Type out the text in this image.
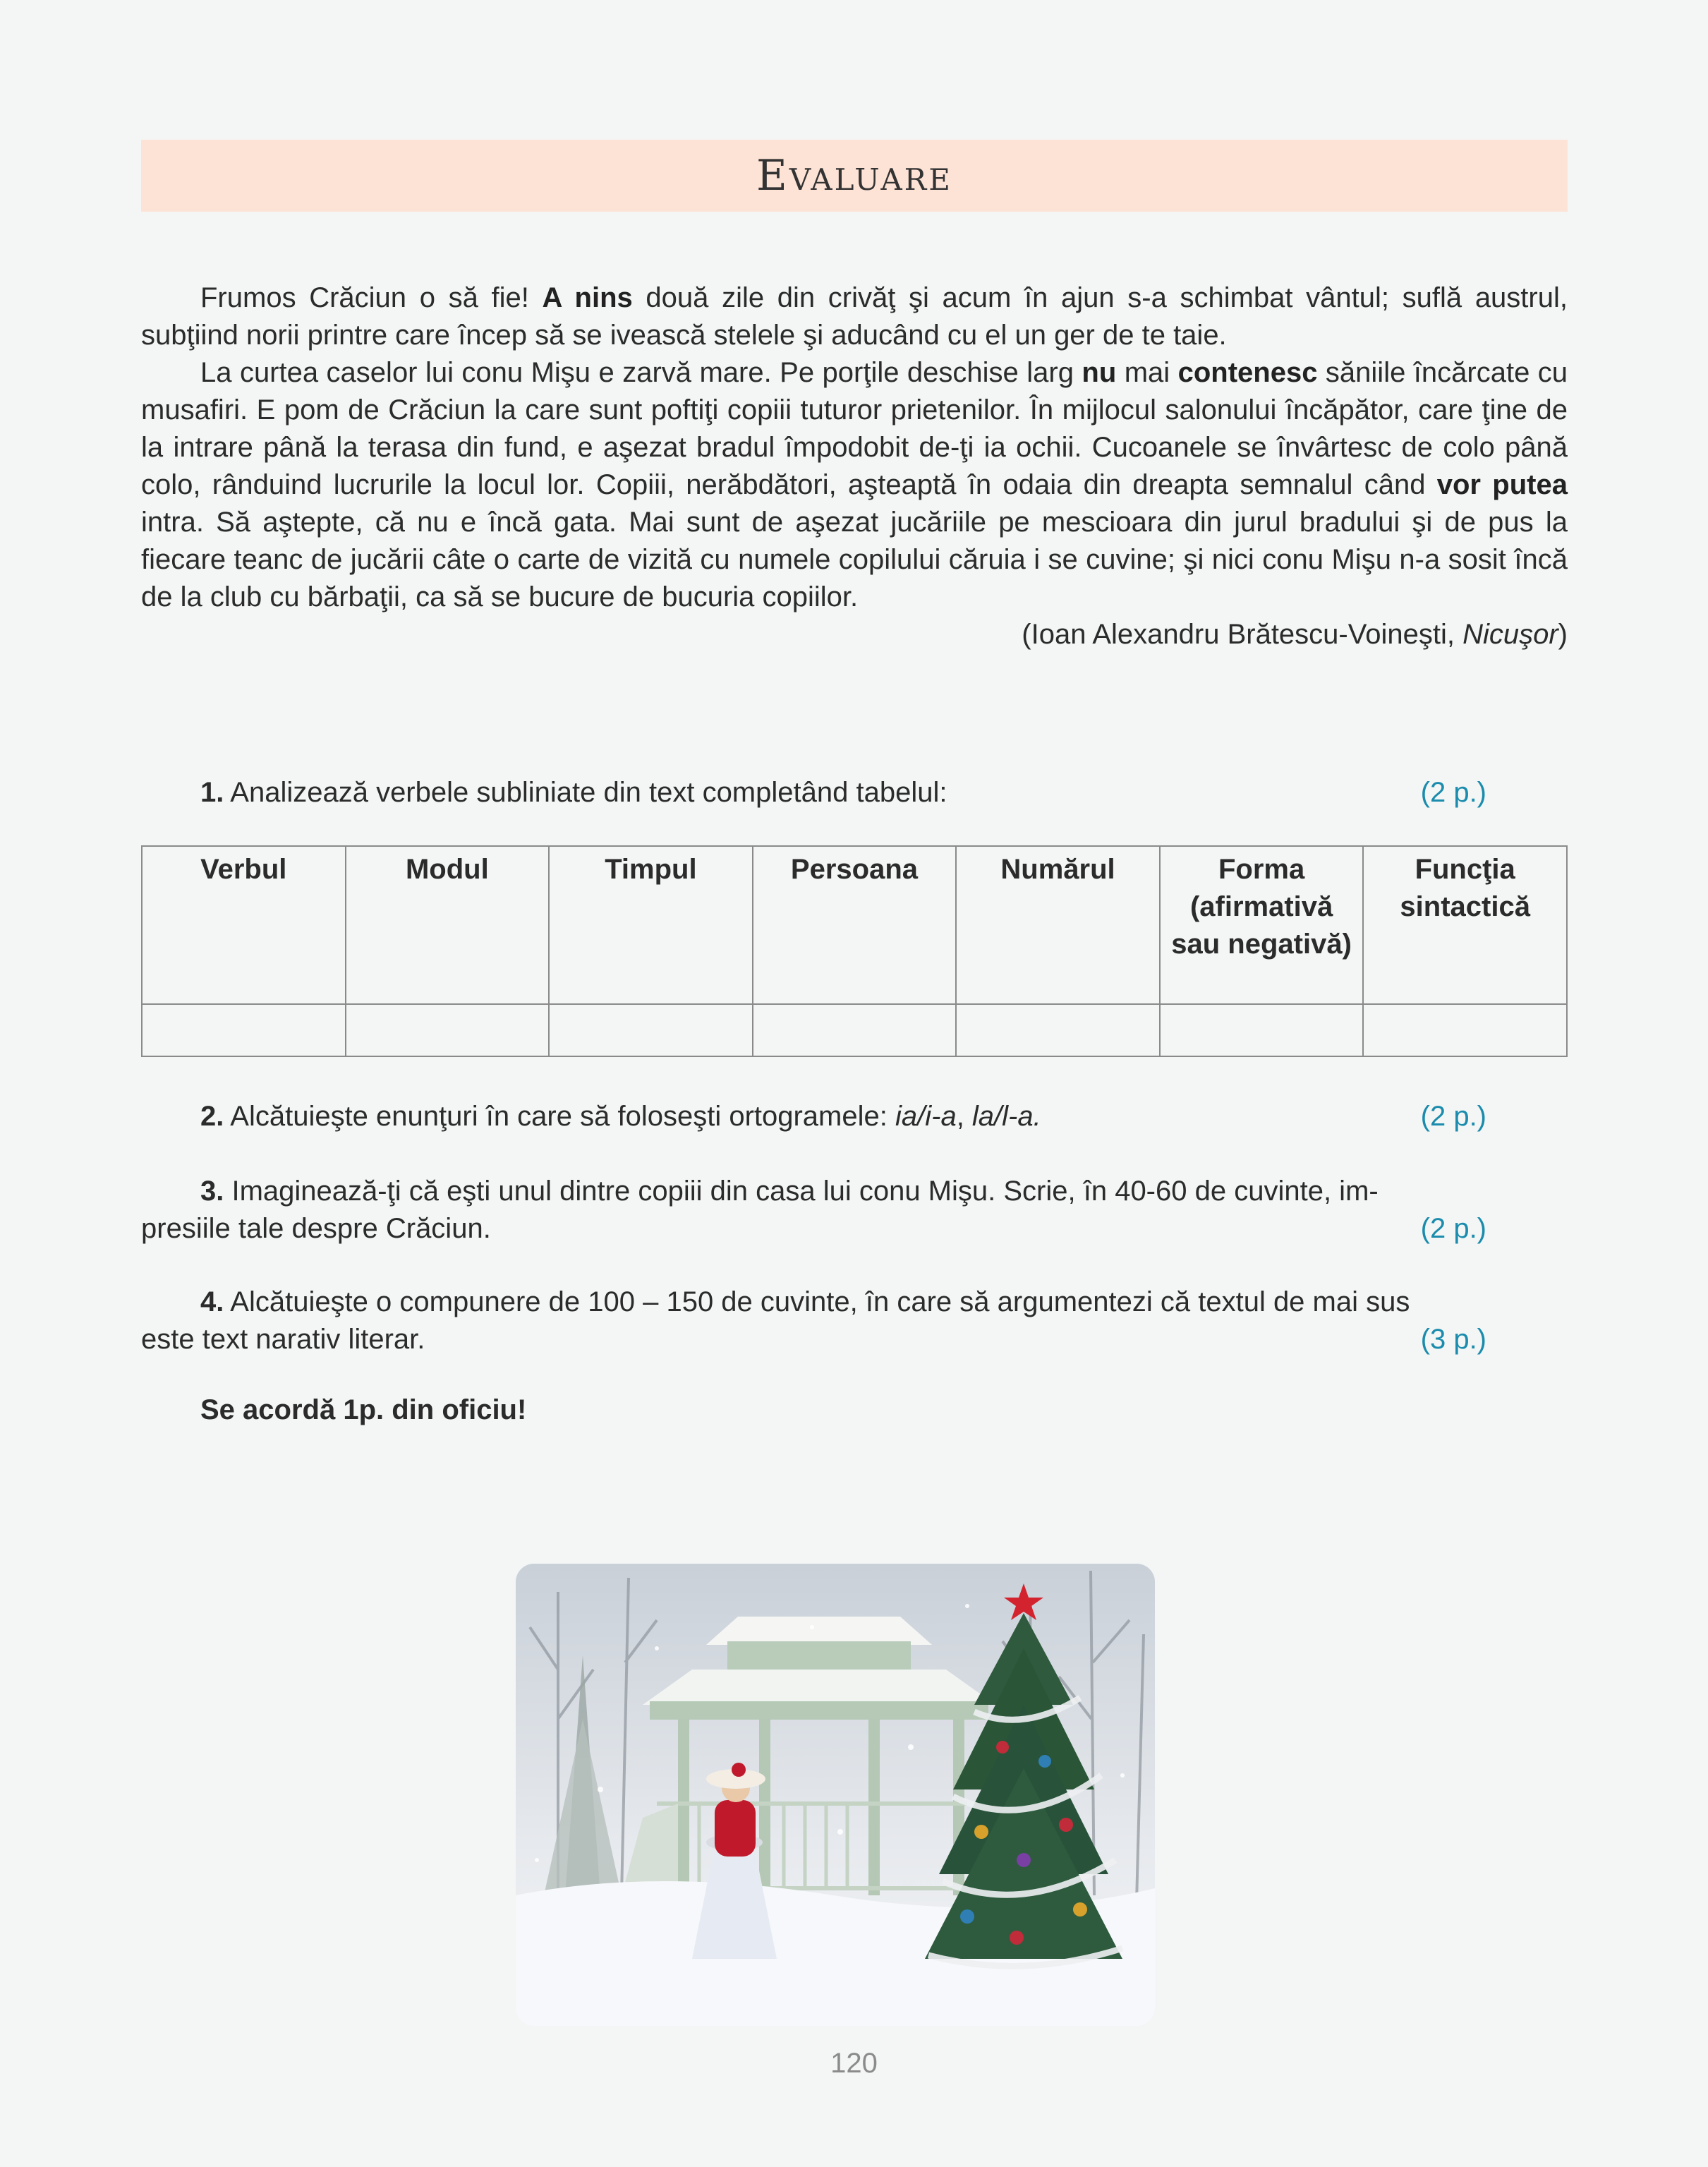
Evaluare

Frumos Crăciun o să fie! A nins două zile din crivăţ şi acum în ajun s-a schimbat vântul; suflă austrul, subţiind norii printre care încep să se ivească stelele şi aducând cu el un ger de te taie.

La curtea caselor lui conu Mişu e zarvă mare. Pe porţile deschise larg nu mai contenesc săniile încărcate cu musafiri. E pom de Crăciun la care sunt poftiţi copiii tuturor prietenilor. În mijlocul salonului încăpător, care ţine de la intrare până la terasa din fund, e aşezat bradul împodobit de-ţi ia ochii. Cucoanele se învârtesc de colo până colo, rânduind lucrurile la locul lor. Copiii, nerăbdători, aşteaptă în odaia din dreapta semnalul când vor putea intra. Să aştepte, că nu e încă gata. Mai sunt de aşezat jucăriile pe mescioara din jurul bradului şi de pus la fiecare teanc de jucării câte o carte de vizită cu numele copilului căruia i se cuvine; şi nici conu Mişu n-a sosit încă de la club cu bărbaţii, ca să se bucure de bucuria copiilor.

(Ioan Alexandru Brătescu-Voineşti, Nicuşor)

1. Analizează verbele subliniate din text completând tabelul:	(2 p.)
Verbul	Modul	Timpul	Persoana	Numărul	Forma (afirmativă sau negativă)	Funcţia sintactică

2. Alcătuieşte enunţuri în care să foloseşti ortogramele: ia/i-a, la/l-a.	(2 p.)

3. Imaginează-ţi că eşti unul dintre copiii din casa lui conu Mişu. Scrie, în 40-60 de cuvinte, im-

presiile tale despre Crăciun.	(2 p.)

4. Alcătuieşte o compunere de 100 – 150 de cuvinte, în care să argumentezi că textul de mai sus

este text narativ literar.	(3 p.)
Se acordă 1p. din oficiu!
120
